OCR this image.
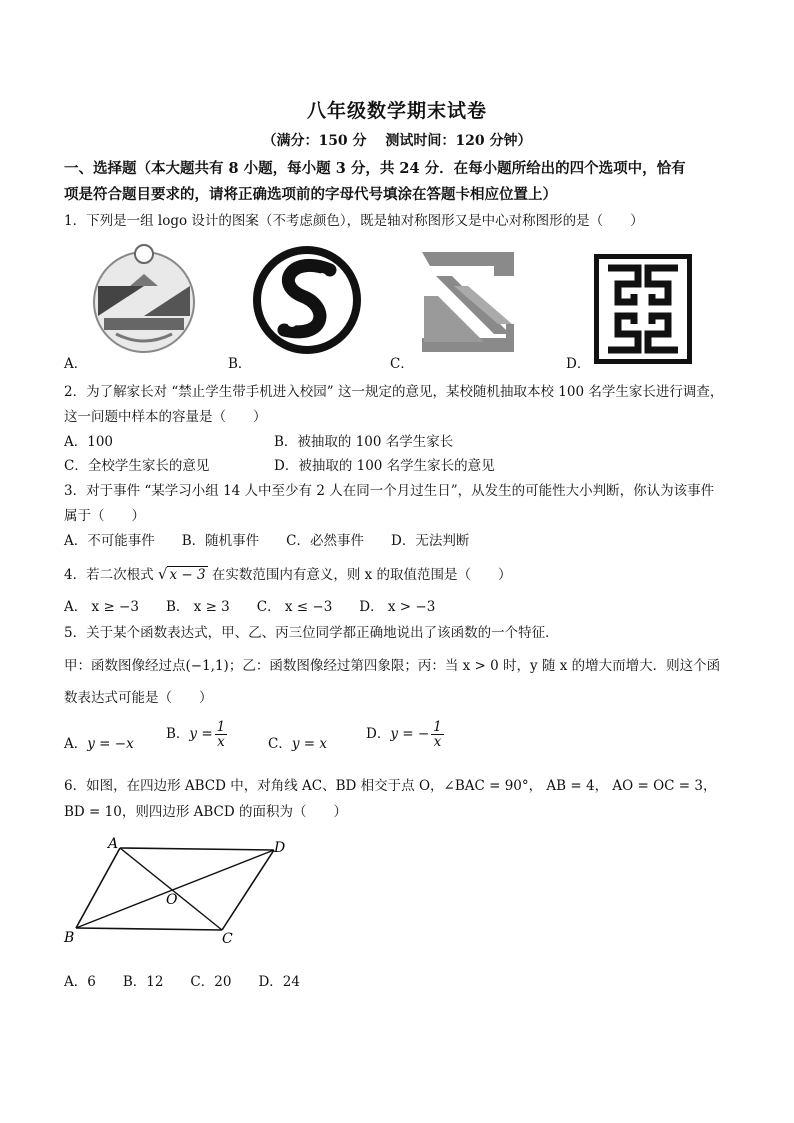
八年级数学期末试卷
（满分：150 分　 测试时间：120 分钟）
一、选择题（本大题共有 8 小题，每小题 3 分，共 24 分．在每小题所给出的四个选项中，恰有
项是符合题目要求的，请将正确选项前的字母代号填涂在答题卡相应位置上）
1．下列是一组 logo 设计的图案（不考虑颜色），既是轴对称图形又是中心对称图形的是（　　）
A．	B．	C．	D．
2．为了解家长对 “禁止学生带手机进入校园” 这一规定的意见，某校随机抽取本校 100 名学生家长进行调查，
这一问题中样本的容量是（　　）
A．100	B．被抽取的 100 名学生家长
C．全校学生家长的意见	D．被抽取的 100 名学生家长的意见
3．对于事件 “某学习小组 14 人中至少有 2 人在同一个月过生日”，从发生的可能性大小判断，你认为该事件
属于（　　）
A．不可能事件　　B．随机事件　　C．必然事件　　D．无法判断
4．若二次根式 √ x − 3 在实数范围内有意义，则 x 的取值范围是（　　）
A． x ≥ −3　　B． x ≥ 3　　C． x ≤ −3　　D． x > −3
5．关于某个函数表达式，甲、乙、丙三位同学都正确地说出了该函数的一个特征．
甲：函数图像经过点(−1,1)；乙：函数图像经过第四象限；丙：当 x > 0 时，y 随 x 的增大而增大．则这个函
数表达式可能是（　　）
A．y = −x
B．$y = \frac{1}{x}$	C．y = x
D．y = − $\frac{1}{x}$
6．如图，在四边形 ABCD 中，对角线 AC、BD 相交于点 O，∠BAC = 90°， AB = 4， AO = OC = 3，
BD = 10，则四边形 ABCD 的面积为（　　）
A	D
B	C
O
A．6　　B．12　　C．20　　D．24
